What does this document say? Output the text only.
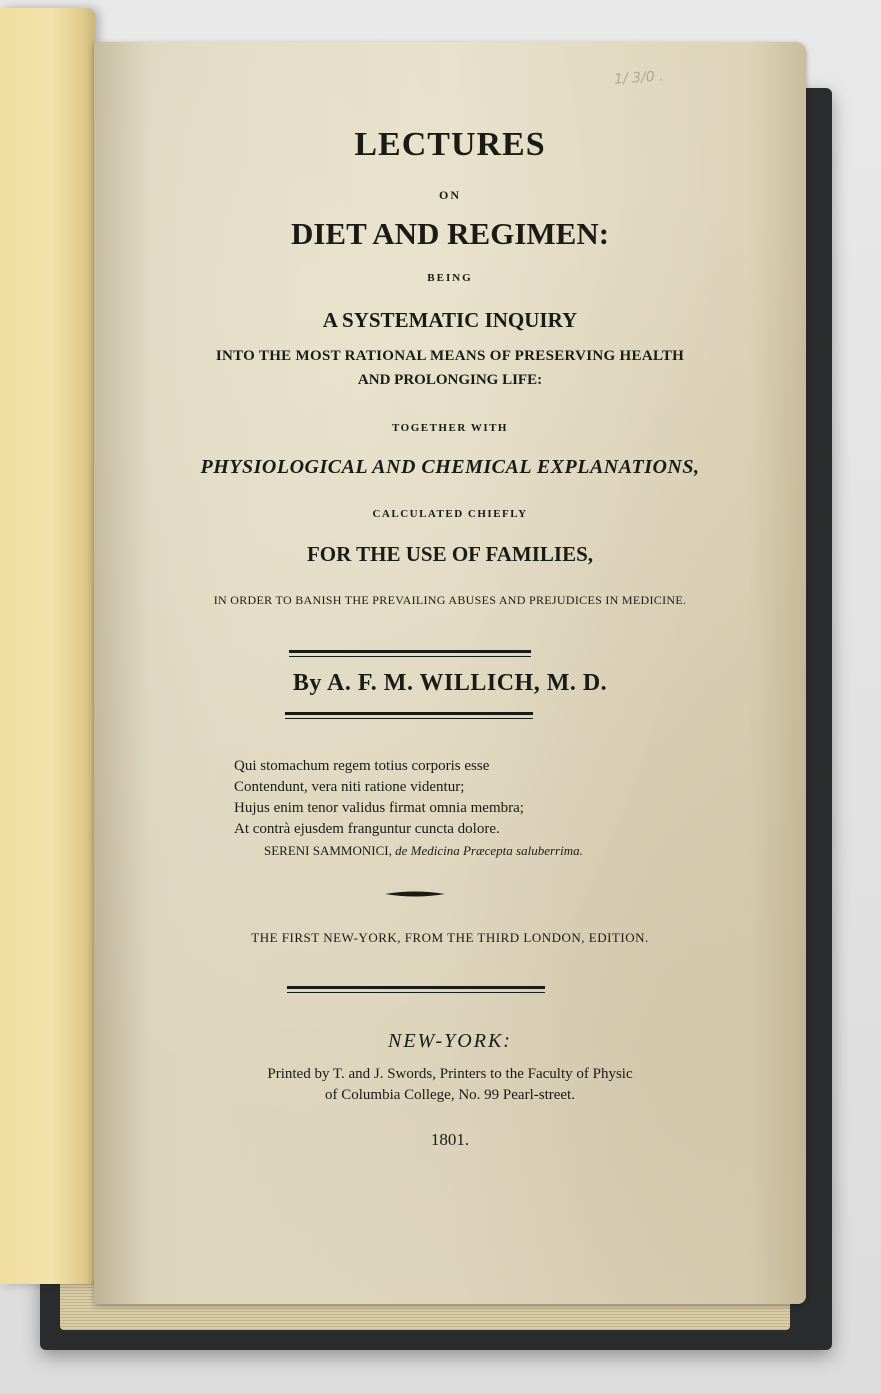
1/ 3/0 .
LECTURES
ON
DIET AND REGIMEN:
BEING
A SYSTEMATIC INQUIRY
INTO THE MOST RATIONAL MEANS OF PRESERVING HEALTH
AND PROLONGING LIFE:
TOGETHER WITH
PHYSIOLOGICAL AND CHEMICAL EXPLANATIONS,
CALCULATED CHIEFLY
FOR THE USE OF FAMILIES,
IN ORDER TO BANISH THE PREVAILING ABUSES AND PREJUDICES IN MEDICINE.
By A. F. M. WILLICH, M. D.
Qui stomachum regem totius corporis esse
Contendunt, vera niti ratione videntur;
Hujus enim tenor validus firmat omnia membra;
At contrà ejusdem franguntur cuncta dolore.
SERENI SAMMONICI, de Medicina Præcepta saluberrima.
THE FIRST NEW-YORK, FROM THE THIRD LONDON, EDITION.
NEW-YORK:
Printed by T. and J. Swords, Printers to the Faculty of Physic
of Columbia College, No. 99 Pearl-street.
1801.
